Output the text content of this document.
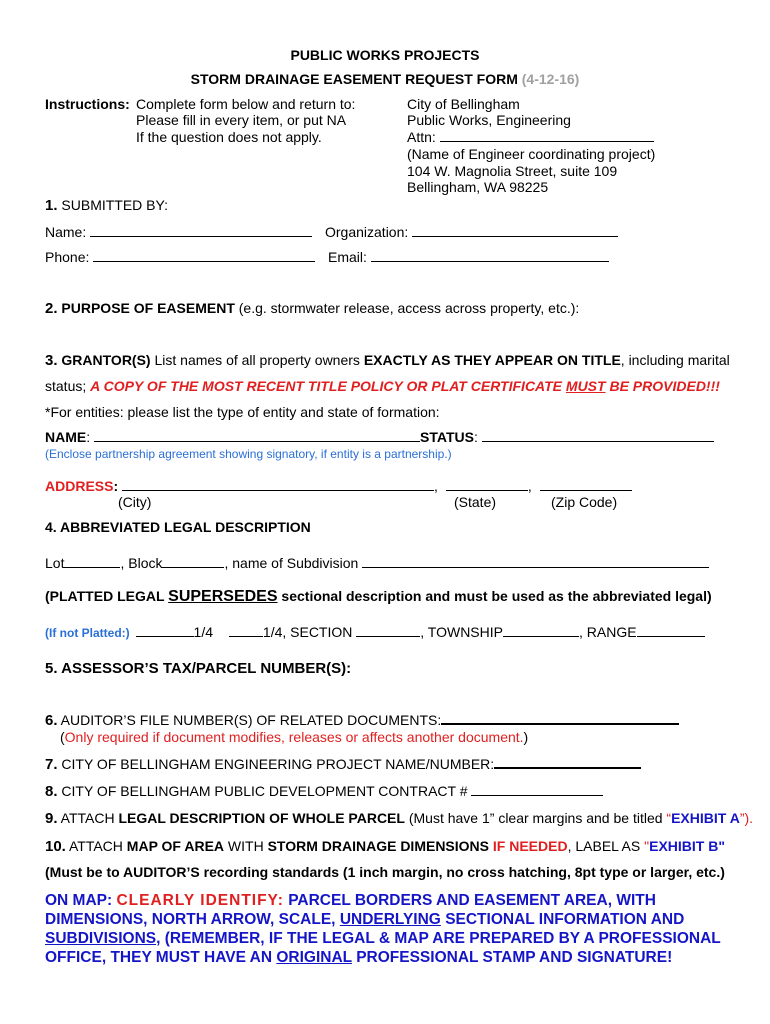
PUBLIC WORKS PROJECTS
STORM DRAINAGE EASEMENT REQUEST FORM (4-12-16)
Instructions: Complete form below and return to:
Please fill in every item, or put NA
If the question does not apply.
City of Bellingham
Public Works, Engineering
Attn:
(Name of Engineer coordinating project)
104 W. Magnolia Street, suite 109
Bellingham, WA 98225
1. SUBMITTED BY:
Name:	Organization:
Phone:	Email:
2. PURPOSE OF EASEMENT (e.g. stormwater release, access across property, etc.):
3. GRANTOR(S) List names of all property owners EXACTLY AS THEY APPEAR ON TITLE, including marital
status; A COPY OF THE MOST RECENT TITLE POLICY OR PLAT CERTIFICATE MUST BE PROVIDED!!!
*For entities: please list the type of entity and state of formation:
NAME:	STATUS:
(Enclose partnership agreement showing signatory, if entity is a partnership.)
ADDRESS:	,	,
(City)	(State)	(Zip Code)
4. ABBREVIATED LEGAL DESCRIPTION
Lot	, Block	, name of Subdivision
(PLATTED LEGAL SUPERSEDES sectional description and must be used as the abbreviated legal)
(If not Platted:)	1/4	1/4, SECTION	, TOWNSHIP	, RANGE
5. ASSESSOR’S TAX/PARCEL NUMBER(S):
6. AUDITOR’S FILE NUMBER(S) OF RELATED DOCUMENTS:
(Only required if document modifies, releases or affects another document.)
7. CITY OF BELLINGHAM ENGINEERING PROJECT NAME/NUMBER:
8. CITY OF BELLINGHAM PUBLIC DEVELOPMENT CONTRACT #
9. ATTACH LEGAL DESCRIPTION OF WHOLE PARCEL (Must have 1” clear margins and be titled “EXHIBIT A”).
10. ATTACH MAP OF AREA WITH STORM DRAINAGE DIMENSIONS IF NEEDED, LABEL AS "EXHIBIT B"
(Must be to AUDITOR’S recording standards (1 inch margin, no cross hatching, 8pt type or larger, etc.)
ON MAP: CLEARLY IDENTIFY: PARCEL BORDERS AND EASEMENT AREA, WITH
DIMENSIONS, NORTH ARROW, SCALE, UNDERLYING SECTIONAL INFORMATION AND
SUBDIVISIONS, (REMEMBER, IF THE LEGAL & MAP ARE PREPARED BY A PROFESSIONAL
OFFICE, THEY MUST HAVE AN ORIGINAL PROFESSIONAL STAMP AND SIGNATURE!
